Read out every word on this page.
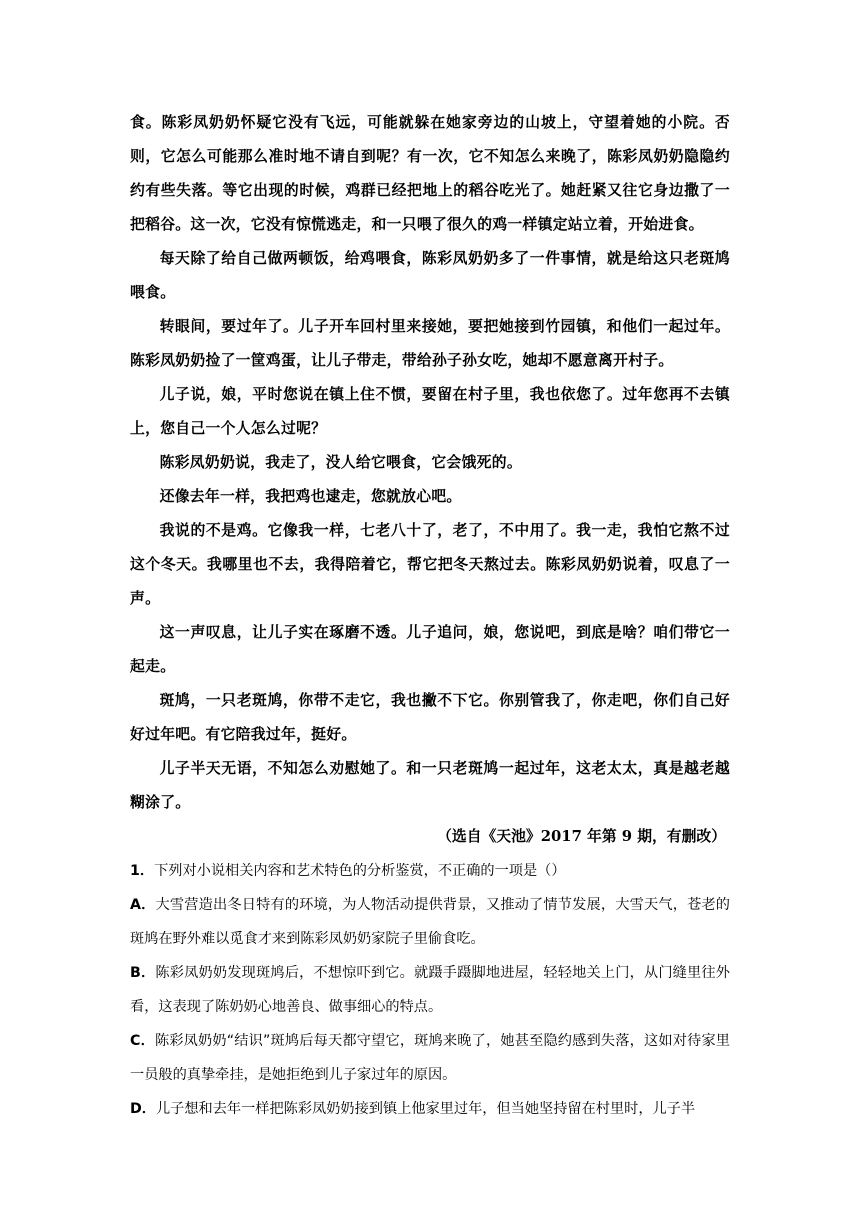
食。陈彩凤奶奶怀疑它没有飞远，可能就躲在她家旁边的山坡上，守望着她的小院。否则，它怎么可能那么准时地不请自到呢？有一次，它不知怎么来晚了，陈彩凤奶奶隐隐约约有些失落。等它出现的时候，鸡群已经把地上的稻谷吃光了。她赶紧又往它身边撒了一把稻谷。这一次，它没有惊慌逃走，和一只喂了很久的鸡一样镇定站立着，开始进食。

每天除了给自己做两顿饭，给鸡喂食，陈彩凤奶奶多了一件事情，就是给这只老斑鸠喂食。

转眼间，要过年了。儿子开车回村里来接她，要把她接到竹园镇，和他们一起过年。陈彩凤奶奶捡了一筐鸡蛋，让儿子带走，带给孙子孙女吃，她却不愿意离开村子。

儿子说，娘，平时您说在镇上住不惯，要留在村子里，我也依您了。过年您再不去镇上，您自己一个人怎么过呢？

陈彩凤奶奶说，我走了，没人给它喂食，它会饿死的。

还像去年一样，我把鸡也逮走，您就放心吧。

我说的不是鸡。它像我一样，七老八十了，老了，不中用了。我一走，我怕它熬不过这个冬天。我哪里也不去，我得陪着它，帮它把冬天熬过去。陈彩凤奶奶说着，叹息了一声。

这一声叹息，让儿子实在琢磨不透。儿子追问，娘，您说吧，到底是啥？咱们带它一起走。

斑鸠，一只老斑鸠，你带不走它，我也撇不下它。你别管我了，你走吧，你们自己好好过年吧。有它陪我过年，挺好。

儿子半天无语，不知怎么劝慰她了。和一只老斑鸠一起过年，这老太太，真是越老越糊涂了。

（选自《天池》2017 年第 9 期，有删改）

1．下列对小说相关内容和艺术特色的分析鉴赏，不正确的一项是（）

A．大雪营造出冬日特有的环境，为人物活动提供背景，又推动了情节发展，大雪天气，苍老的斑鸠在野外难以觅食才来到陈彩凤奶奶家院子里偷食吃。

B．陈彩凤奶奶发现斑鸠后，不想惊吓到它。就蹑手蹑脚地进屋，轻轻地关上门，从门缝里往外看，这表现了陈奶奶心地善良、做事细心的特点。

C．陈彩凤奶奶“结识”斑鸠后每天都守望它，斑鸠来晚了，她甚至隐约感到失落，这如对待家里一员般的真挚牵挂，是她拒绝到儿子家过年的原因。

D．儿子想和去年一样把陈彩凤奶奶接到镇上他家里过年，但当她坚持留在村里时，儿子半
